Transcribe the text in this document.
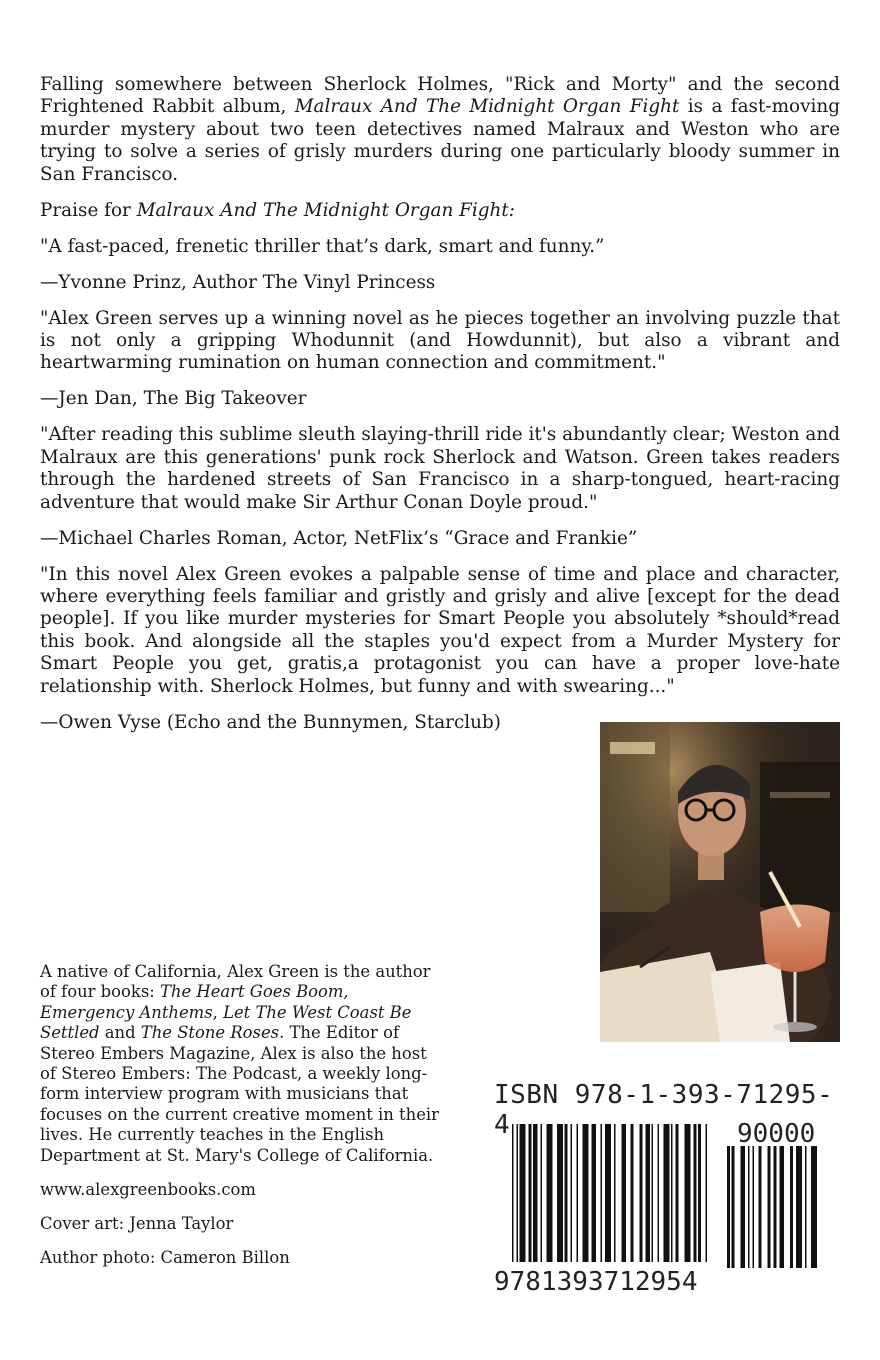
Falling somewhere between Sherlock Holmes, "Rick and Morty" and the second Frightened Rabbit album, Malraux And The Midnight Organ Fight is a fast-moving murder mystery about two teen detectives named Malraux and Weston who are trying to solve a series of grisly murders during one particularly bloody summer in San Francisco.

Praise for Malraux And The Midnight Organ Fight:

"A fast-paced, frenetic thriller that’s dark, smart and funny.”

—Yvonne Prinz, Author The Vinyl Princess

"Alex Green serves up a winning novel as he pieces together an involving puzzle that is not only a gripping Whodunnit (and Howdunnit), but also a vibrant and heartwarming rumination on human connection and commitment."

—Jen Dan, The Big Takeover

"After reading this sublime sleuth slaying-thrill ride it's abundantly clear; Weston and Malraux are this generations' punk rock Sherlock and Watson. Green takes readers through the hardened streets of San Francisco in a sharp-tongued, heart-racing adventure that would make Sir Arthur Conan Doyle proud."

—Michael Charles Roman, Actor, NetFlix’s “Grace and Frankie”

"In this novel Alex Green evokes a palpable sense of time and place and character, where everything feels familiar and gristly and grisly and alive [except for the dead people]. If you like murder mysteries for Smart People you absolutely *should*read this book. And alongside all the staples you'd expect from a Murder Mystery for Smart People you get, gratis,a protagonist you can have a proper love-hate relationship with. Sherlock Holmes, but funny and with swearing..."

—Owen Vyse (Echo and the Bunnymen, Starclub)

A native of California, Alex Green is the author of four books: The Heart Goes Boom, Emergency Anthems, Let The West Coast Be Settled and The Stone Roses. The Editor of Stereo Embers Magazine, Alex is also the host of Stereo Embers: The Podcast, a weekly long-form interview program with musicians that focuses on the current creative moment in their lives. He currently teaches in the English Department at St. Mary's College of California.

www.alexgreenbooks.com

Cover art: Jenna Taylor

Author photo: Cameron Billon

ISBN 978-1-393-71295-4
9781393712954
90000
